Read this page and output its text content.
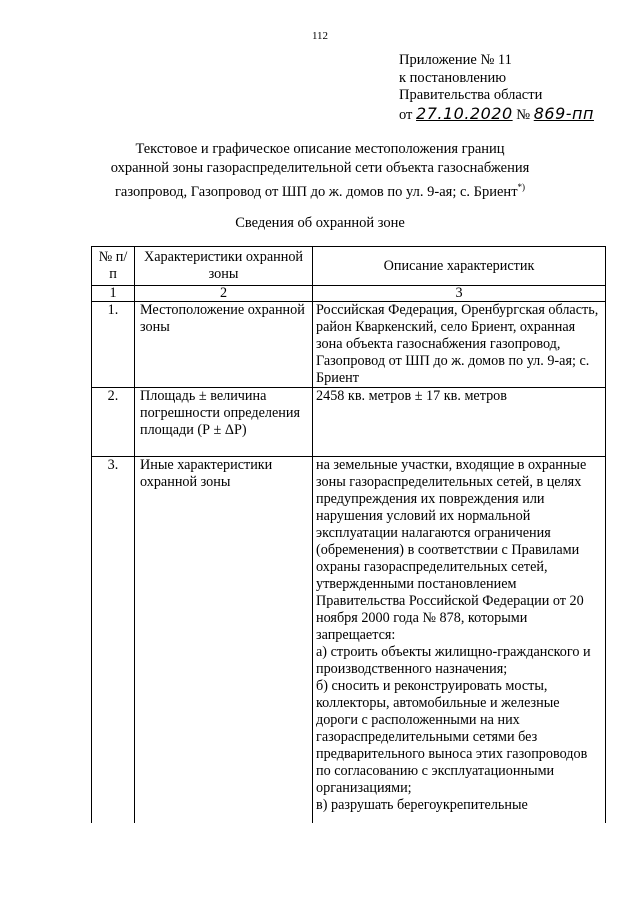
112
Приложение № 11
к постановлению
Правительства области
от 27.10.2020 № 869-пп
Текстовое и графическое описание местоположения границ
охранной зоны газораспределительной сети объекта газоснабжения
газопровод, Газопровод от ШП до ж. домов по ул. 9-ая; с. Бриент*)
Сведения об охранной зоне
№ п/п	Характеристики охранной зоны	Описание характеристик
1	2	3
1.	Местоположение охранной зоны	Российская Федерация, Оренбургская область, район Кваркенский, село Бриент, охранная зона объекта газоснабжения газопровод, Газопровод от ШП до ж. домов по ул. 9-ая; с. Бриент
2.	Площадь ± величина погрешности определения площади (Р ± ΔР)	2458 кв. метров ± 17 кв. метров
3.	Иные характеристики охранной зоны	на земельные участки, входящие в охранные зоны газораспределительных сетей, в целях предупреждения их повреждения или нарушения условий их нормальной эксплуатации налагаются ограничения (обременения) в соответствии с Правилами охраны газораспределительных сетей, утвержденными постановлением Правительства Российской Федерации от 20 ноября 2000 года № 878, которыми запрещается:
а) строить объекты жилищно-гражданского и производственного назначения;
б) сносить и реконструировать мосты, коллекторы, автомобильные и железные дороги с расположенными на них газораспределительными сетями без предварительного выноса этих газопроводов по согласованию с эксплуатационными организациями;
в) разрушать берегоукрепительные
